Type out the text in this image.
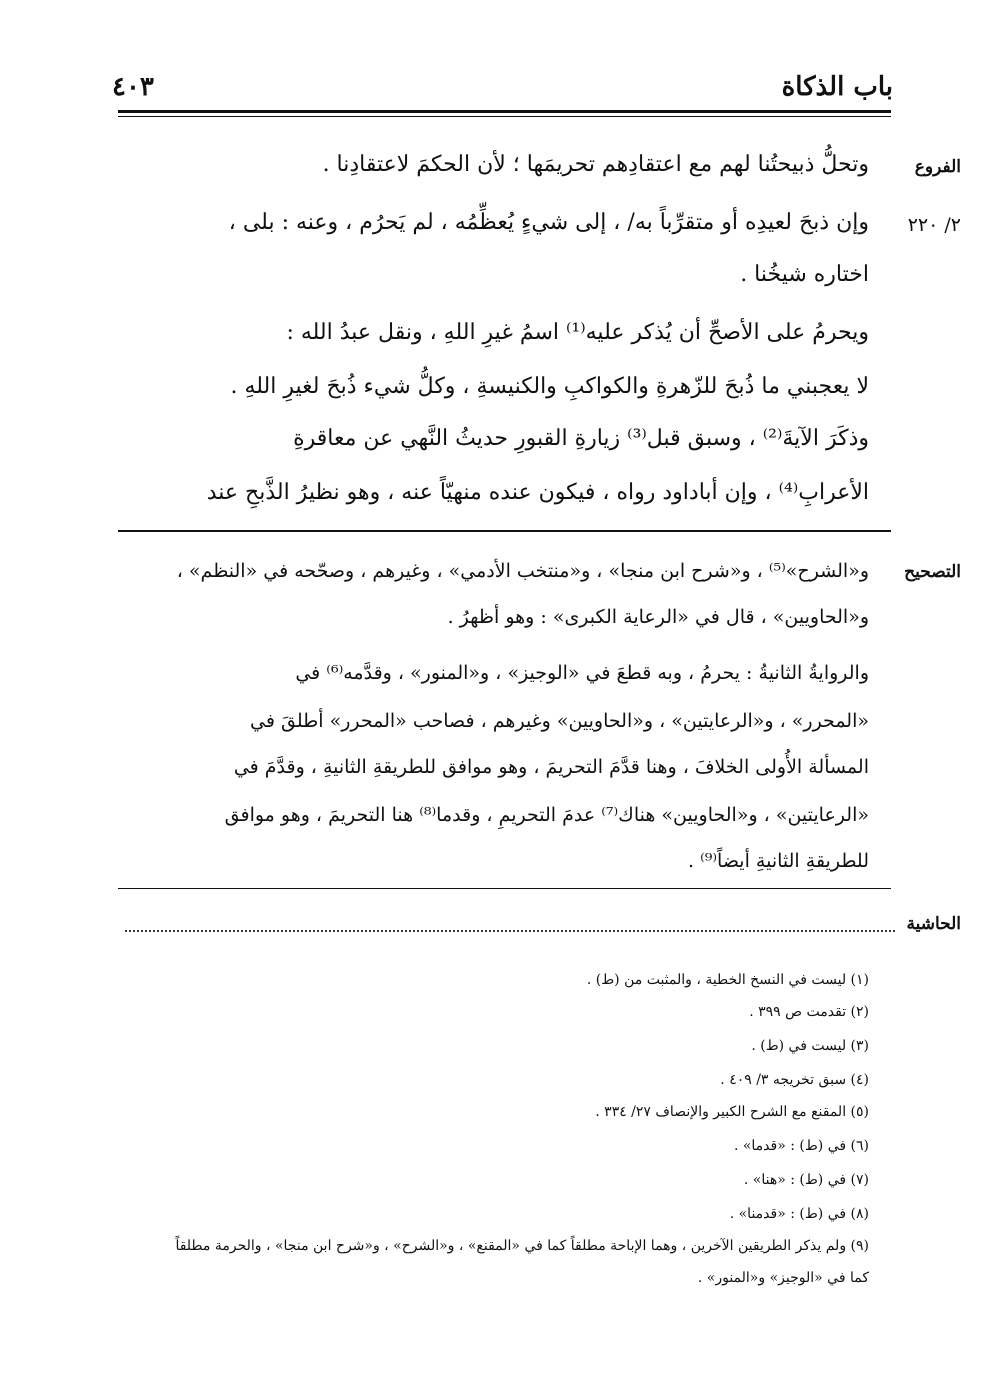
باب الذكاة
٤٠٣
الفروع
٢/ ٢٢٠
التصحيح
الحاشية
وتحلُّ ذبيحتُنا لهم مع اعتقادِهم تحريمَها ؛ لأن الحكمَ لاعتقادِنا .
وإن ذبحَ لعيدِه أو متقرِّباً به/ ، إلى شيءٍ يُعظِّمُه ، لم يَحرُم ، وعنه : بلى ،
اختاره شيخُنا .
ويحرمُ على الأصحِّ أن يُذكر عليه⁽¹⁾ اسمُ غيرِ اللهِ ، ونقل عبدُ الله :
لا يعجبني ما ذُبحَ للزّهرةِ والكواكبِ والكنيسةِ ، وكلُّ شيء ذُبحَ لغيرِ اللهِ .
وذكَرَ الآيةَ⁽²⁾ ، وسبق قبل⁽³⁾ زيارةِ القبورِ حديثُ النَّهي عن معاقرةِ
الأعرابِ⁽⁴⁾ ، وإن أباداود رواه ، فيكون عنده منهيّاً عنه ، وهو نظيرُ الذَّبحِ عند
و«الشرح»⁽⁵⁾ ، و«شرح ابن منجا» ، و«منتخب الأدمي» ، وغيرهم ، وصحّحه في «النظم» ،
و«الحاويين» ، قال في «الرعاية الكبرى» : وهو أظهرُ .
والروايةُ الثانيةُ : يحرمُ ، وبه قطعَ في «الوجيز» ، و«المنور» ، وقدَّمه⁽⁶⁾ في
«المحرر» ، و«الرعايتين» ، و«الحاويين» وغيرهم ، فصاحب «المحرر» أطلقَ في
المسألة الأُولى الخلافَ ، وهنا قدَّمَ التحريمَ ، وهو موافق للطريقةِ الثانيةِ ، وقدَّمَ في
«الرعايتين» ، و«الحاويين» هناك⁽⁷⁾ عدمَ التحريمِ ، وقدما⁽⁸⁾ هنا التحريمَ ، وهو موافق
للطريقةِ الثانيةِ أيضاً⁽⁹⁾ .
(١) ليست في النسخ الخطية ، والمثبت من (ط) .
(٢) تقدمت ص ٣٩٩ .
(٣) ليست في (ط) .
(٤) سبق تخريجه ٣/ ٤٠٩ .
(٥) المقنع مع الشرح الكبير والإنصاف ٢٧/ ٣٣٤ .
(٦) في (ط) : «قدما» .
(٧) في (ط) : «هنا» .
(٨) في (ط) : «قدمنا» .
(٩) ولم يذكر الطريقين الآخرين ، وهما الإباحة مطلقاً كما في «المقنع» ، و«الشرح» ، و«شرح ابن منجا» ، والحرمة مطلقاً
كما في «الوجيز» و«المنور» .
